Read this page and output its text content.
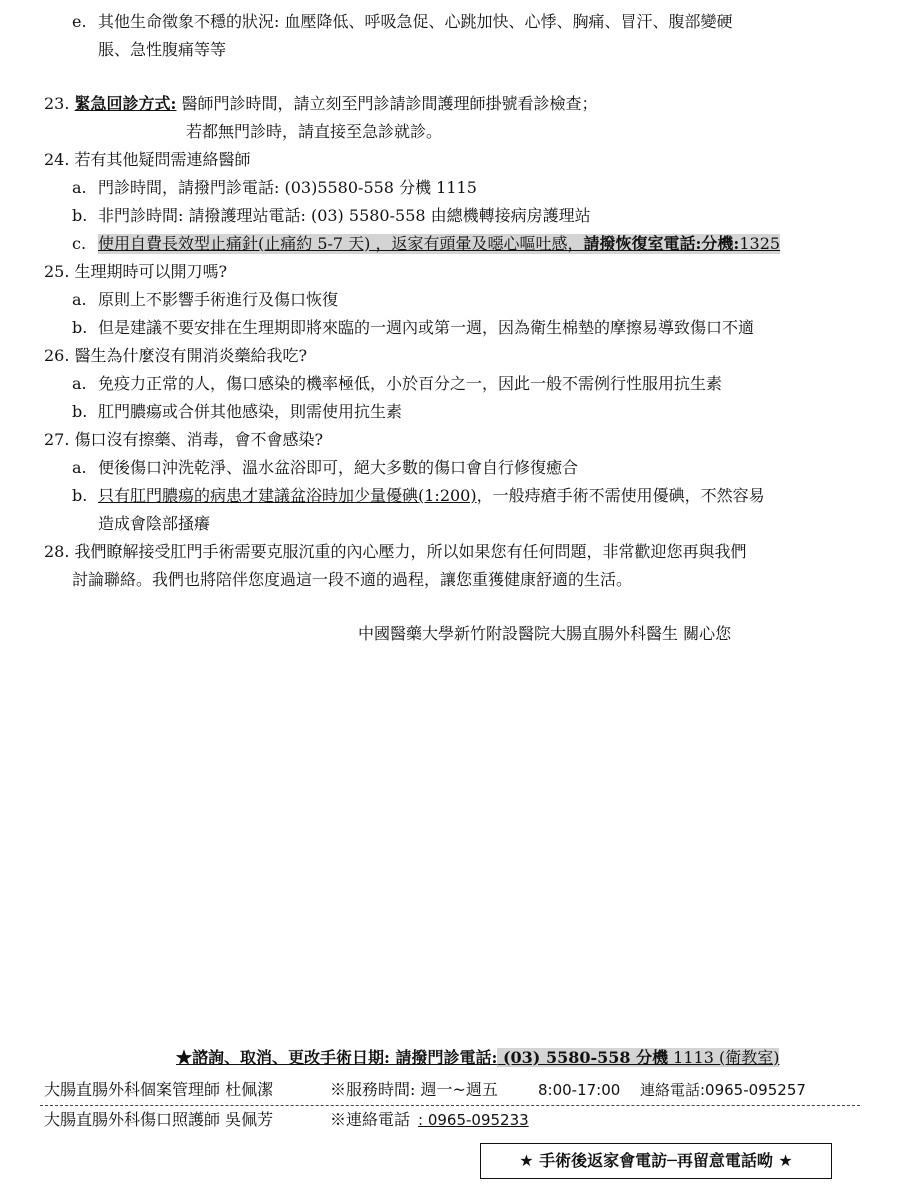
e. 其他生命徵象不穩的狀況: 血壓降低、呼吸急促、心跳加快、心悸、胸痛、冒汗、腹部變硬
脹、急性腹痛等等
23. 緊急回診方式: 醫師門診時間，請立刻至門診請診間護理師掛號看診檢查；
若都無門診時，請直接至急診就診。
24. 若有其他疑問需連絡醫師
a. 門診時間，請撥門診電話: (03)5580-558 分機 1115
b. 非門診時間: 請撥護理站電話: (03) 5580-558 由總機轉接病房護理站
c. 使用自費長效型止痛針(止痛約 5-7 天) ，返家有頭暈及噁心嘔吐感，請撥恢復室電話:分機:1325
25. 生理期時可以開刀嗎?
a. 原則上不影響手術進行及傷口恢復
b. 但是建議不要安排在生理期即將來臨的一週內或第一週，因為衛生棉墊的摩擦易導致傷口不適
26. 醫生為什麼沒有開消炎藥給我吃?
a. 免疫力正常的人，傷口感染的機率極低，小於百分之一，因此一般不需例行性服用抗生素
b. 肛門膿瘍或合併其他感染，則需使用抗生素
27. 傷口沒有擦藥、消毒，會不會感染?
a. 便後傷口沖洗乾淨、溫水盆浴即可，絕大多數的傷口會自行修復癒合
b. 只有肛門膿瘍的病患才建議盆浴時加少量優碘(1:200)，一般痔瘡手術不需使用優碘，不然容易
造成會陰部搔癢
28. 我們瞭解接受肛門手術需要克服沉重的內心壓力，所以如果您有任何問題，非常歡迎您再與我們
討論聯絡。我們也將陪伴您度過這一段不適的過程，讓您重獲健康舒適的生活。
中國醫藥大學新竹附設醫院大腸直腸外科醫生 關心您
★諮詢、取消、更改手術日期: 請撥門診電話: (03) 5580-558 分機 1113 (衛教室)
大腸直腸外科個案管理師 杜佩潔	※服務時間: 週一~週五	8:00-17:00 連絡電話:0965-095257
大腸直腸外科傷口照護師 吳佩芳	※連絡電話 : 0965-095233
★ 手術後返家會電訪─再留意電話呦 ★
